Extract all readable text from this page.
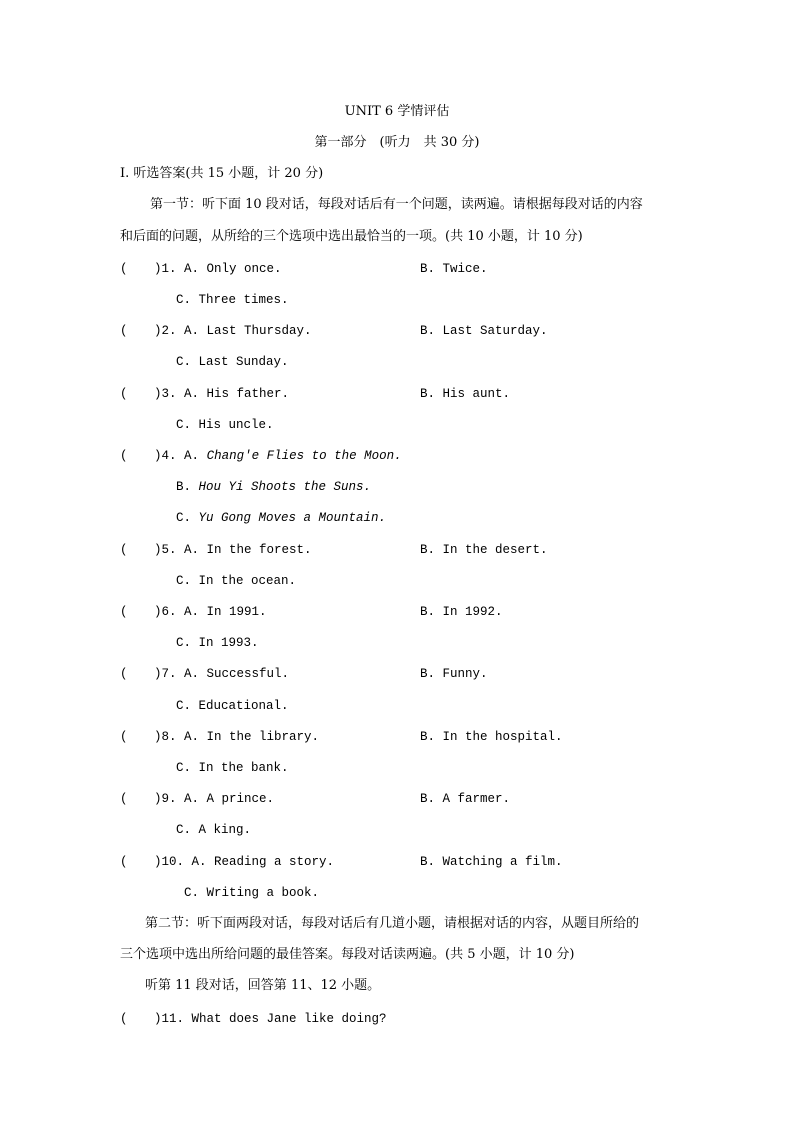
UNIT 6 学情评估
第一部分　(听力　共 30 分)
Ⅰ. 听选答案(共 15 小题，计 20 分)
第一节：听下面 10 段对话，每段对话后有一个问题，读两遍。请根据每段对话的内容
和后面的问题，从所给的三个选项中选出最恰当的一项。(共 10 小题，计 10 分)
( )1. A. Only once.	B. Twice.
C. Three times.
( )2. A. Last Thursday.	B. Last Saturday.
C. Last Sunday.
( )3. A. His father.	B. His aunt.
C. His uncle.
( )4. A. Chang'e Flies to the Moon.
B. Hou Yi Shoots the Suns.
C. Yu Gong Moves a Mountain.
( )5. A. In the forest.	B. In the desert.
C. In the ocean.
( )6. A. In 1991.	B. In 1992.
C. In 1993.
( )7. A. Successful.	B. Funny.
C. Educational.
( )8. A. In the library.	B. In the hospital.
C. In the bank.
( )9. A. A prince.	B. A farmer.
C. A king.
( )10. A. Reading a story.	B. Watching a film.
C. Writing a book.
第二节：听下面两段对话，每段对话后有几道小题，请根据对话的内容，从题目所给的
三个选项中选出所给问题的最佳答案。每段对话读两遍。(共 5 小题，计 10 分)
听第 11 段对话，回答第 11、12 小题。
( )11. What does Jane like doing?
